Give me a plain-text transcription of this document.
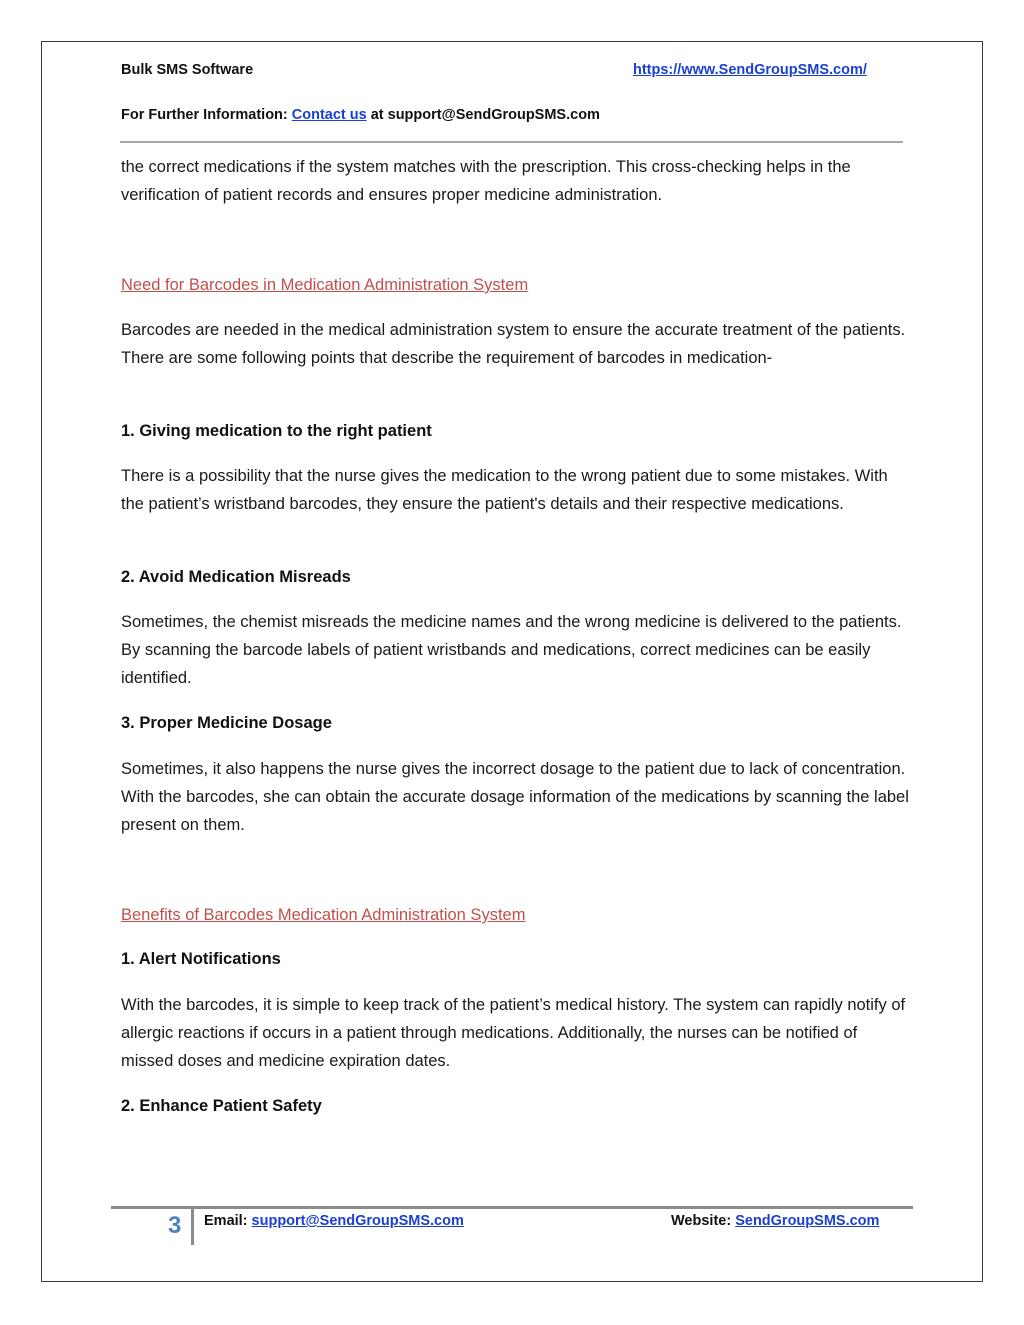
Bulk SMS Software	https://www.SendGroupSMS.com/
For Further Information: Contact us at support@SendGroupSMS.com

the correct medications if the system matches with the prescription. This cross-checking helps in the verification of patient records and ensures proper medicine administration.

Need for Barcodes in Medication Administration System

Barcodes are needed in the medical administration system to ensure the accurate treatment of the patients. There are some following points that describe the requirement of barcodes in medication-

1. Giving medication to the right patient

There is a possibility that the nurse gives the medication to the wrong patient due to some mistakes. With the patient’s wristband barcodes, they ensure the patient's details and their respective medications.

2. Avoid Medication Misreads

Sometimes, the chemist misreads the medicine names and the wrong medicine is delivered to the patients. By scanning the barcode labels of patient wristbands and medications, correct medicines can be easily identified.

3. Proper Medicine Dosage

Sometimes, it also happens the nurse gives the incorrect dosage to the patient due to lack of concentration. With the barcodes, she can obtain the accurate dosage information of the medications by scanning the label present on them.

Benefits of Barcodes Medication Administration System

1. Alert Notifications

With the barcodes, it is simple to keep track of the patient’s medical history. The system can rapidly notify of allergic reactions if occurs in a patient through medications. Additionally, the nurses can be notified of missed doses and medicine expiration dates.

2. Enhance Patient Safety

3 Email: support@SendGroupSMS.com	Website: SendGroupSMS.com
